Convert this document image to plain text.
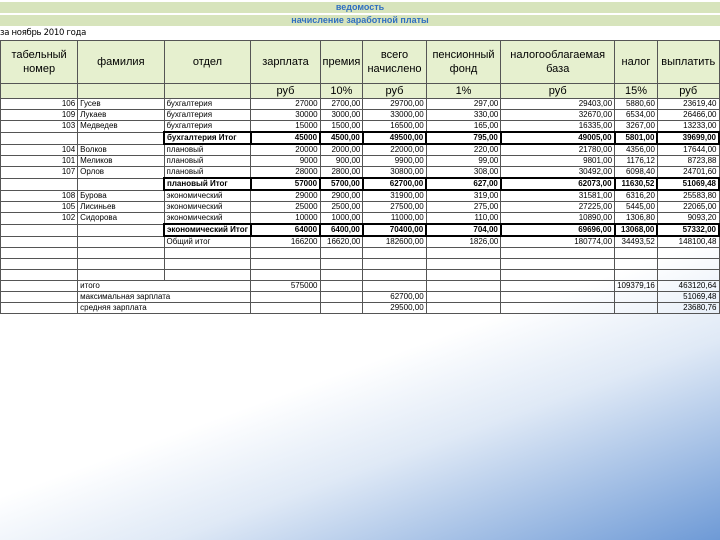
ведомость
начисление заработной платы
за ноябрь 2010 года
табельный номер	фамилия	отдел	зарплата	премия	всего начислено	пенсионный фонд	налогооблагаемая база	налог	выплатить
			руб	10%	руб	1%	руб	15%	руб
106	Гусев	бухгалтерия	27000	2700,00	29700,00	297,00	29403,00	5880,60	23619,40
109	Лукаев	бухгалтерия	30000	3000,00	33000,00	330,00	32670,00	6534,00	26466,00
103	Медведев	бухгалтерия	15000	1500,00	16500,00	165,00	16335,00	3267,00	13233,00
		бухгалтерия Итог	45000	4500,00	49500,00	795,00	49005,00	5801,00	39699,00
104	Волков	плановый	20000	2000,00	22000,00	220,00	21780,00	4356,00	17644,00
101	Меликов	плановый	9000	900,00	9900,00	99,00	9801,00	1176,12	8723,88
107	Орлов	плановый	28000	2800,00	30800,00	308,00	30492,00	6098,40	24701,60
		плановый Итог	57000	5700,00	62700,00	627,00	62073,00	11630,52	51069,48
108	Бурова	экономический	29000	2900,00	31900,00	319,00	31581,00	6316,20	25583,80
105	Лисиньев	экономический	25000	2500,00	27500,00	275,00	27225,00	5445,00	22065,00
102	Сидорова	экономический	10000	1000,00	11000,00	110,00	10890,00	1306,80	9093,20
		экономический Итог	64000	6400,00	70400,00	704,00	69696,00	13068,00	57332,00
		Общий итог	166200	16620,00	182600,00	1826,00	180774,00	34493,52	148100,48

	итого		575000					109379,16	463120,64
	максимальная зарплата				62700,00				51069,48
	средняя зарплата				29500,00				23680,76
